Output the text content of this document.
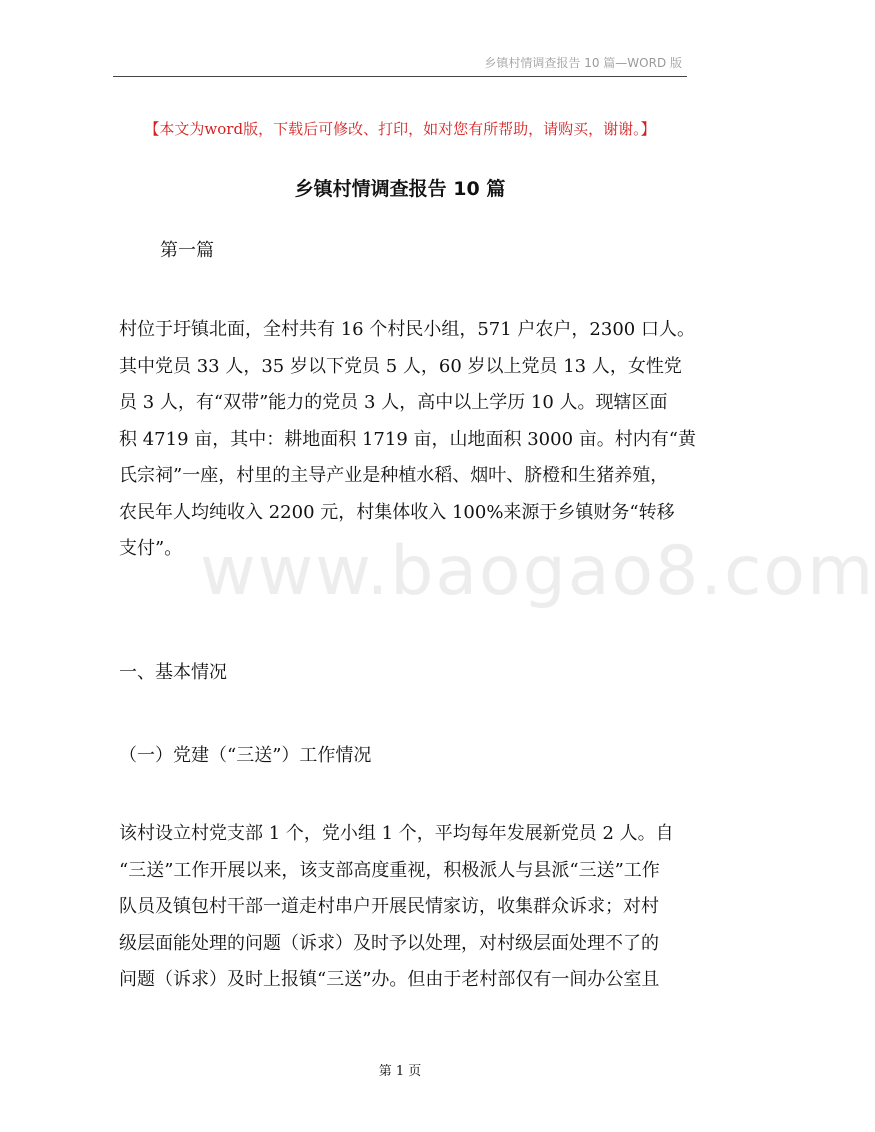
乡镇村情调查报告 10 篇—WORD 版
【本文为word版，下载后可修改、打印，如对您有所帮助，请购买，谢谢。】
乡镇村情调查报告 10 篇
第一篇
www.baogao8.com
村位于圩镇北面，全村共有 16 个村民小组，571 户农户，2300 口人。
其中党员 33 人，35 岁以下党员 5 人，60 岁以上党员 13 人，女性党
员 3 人，有“双带”能力的党员 3 人，高中以上学历 10 人。现辖区面
积 4719 亩，其中：耕地面积 1719 亩，山地面积 3000 亩。村内有“黄
氏宗祠”一座，村里的主导产业是种植水稻、烟叶、脐橙和生猪养殖，
农民年人均纯收入 2200 元，村集体收入 100%来源于乡镇财务“转移
支付”。
一、基本情况
（一）党建（“三送”）工作情况
该村设立村党支部 1 个，党小组 1 个，平均每年发展新党员 2 人。自
“三送”工作开展以来，该支部高度重视，积极派人与县派“三送”工作
队员及镇包村干部一道走村串户开展民情家访，收集群众诉求；对村
级层面能处理的问题（诉求）及时予以处理，对村级层面处理不了的
问题（诉求）及时上报镇“三送”办。但由于老村部仅有一间办公室且
第 1 页
